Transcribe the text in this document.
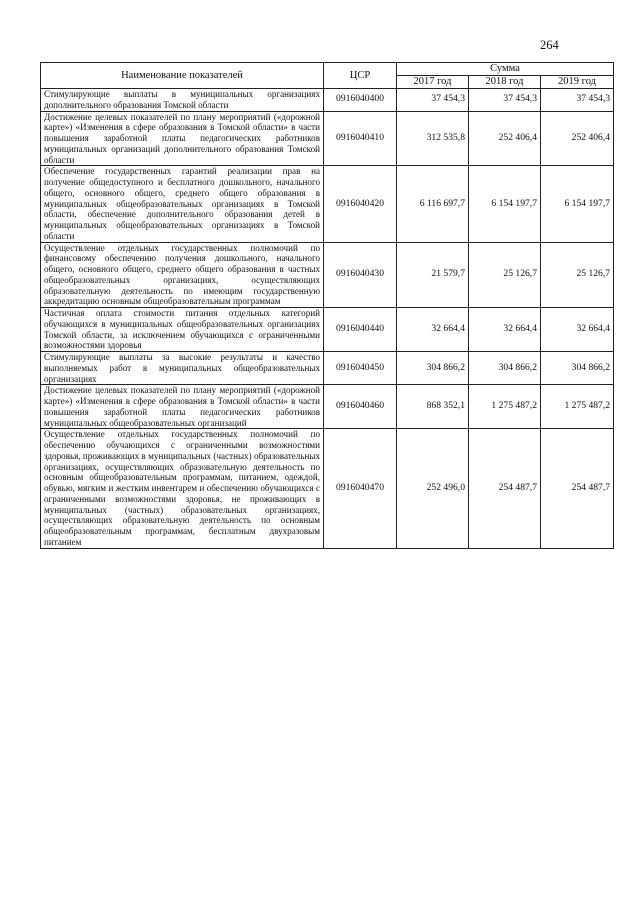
264
Наименование показателей	ЦСР	Сумма		
		2017 год	2018 год	2019 год
Стимулирующие выплаты в муниципальных организациях дополнительного образования Томской области	0916040400	37 454,3	37 454,3	37 454,3
Достижение целевых показателей по плану мероприятий («дорожной карте») «Изменения в сфере образования в Томской области» в части повышения заработной платы педагогических работников муниципальных организаций дополнительного образования Томской области	0916040410	312 535,8	252 406,4	252 406,4
Обеспечение государственных гарантий реализации прав на получение общедоступного и бесплатного дошкольного, начального общего, основного общего, среднего общего образования в муниципальных общеобразовательных организациях в Томской области, обеспечение дополнительного образования детей в муниципальных общеобразовательных организациях в Томской области	0916040420	6 116 697,7	6 154 197,7	6 154 197,7
Осуществление отдельных государственных полномочий по финансовому обеспечению получения дошкольного, начального общего, основного общего, среднего общего образования в частных общеобразовательных организациях, осуществляющих образовательную деятельность по имеющим государственную аккредитацию основным общеобразовательным программам	0916040430	21 579,7	25 126,7	25 126,7
Частичная оплата стоимости питания отдельных категорий обучающихся в муниципальных общеобразовательных организациях Томской области, за исключением обучающихся с ограниченными возможностями здоровья	0916040440	32 664,4	32 664,4	32 664,4
Стимулирующие выплаты за высокие результаты и качество выполняемых работ в муниципальных общеобразовательных организациях	0916040450	304 866,2	304 866,2	304 866,2
Достижение целевых показателей по плану мероприятий («дорожной карте») «Изменения в сфере образования в Томской области» в части повышения заработной платы педагогических работников муниципальных общеобразовательных организаций	0916040460	868 352,1	1 275 487,2	1 275 487,2
Осуществление отдельных государственных полномочий по обеспечению обучающихся с ограниченными возможностями здоровья, проживающих в муниципальных (частных) образовательных организациях, осуществляющих образовательную деятельность по основным общеобразовательным программам, питанием, одеждой, обувью, мягким и жестким инвентарем и обеспечению обучающихся с ограниченными возможностями здоровья, не проживающих в муниципальных (частных) образовательных организациях, осуществляющих образовательную деятельность по основным общеобразовательным программам, бесплатным двухразовым питанием	0916040470	252 496,0	254 487,7	254 487,7
